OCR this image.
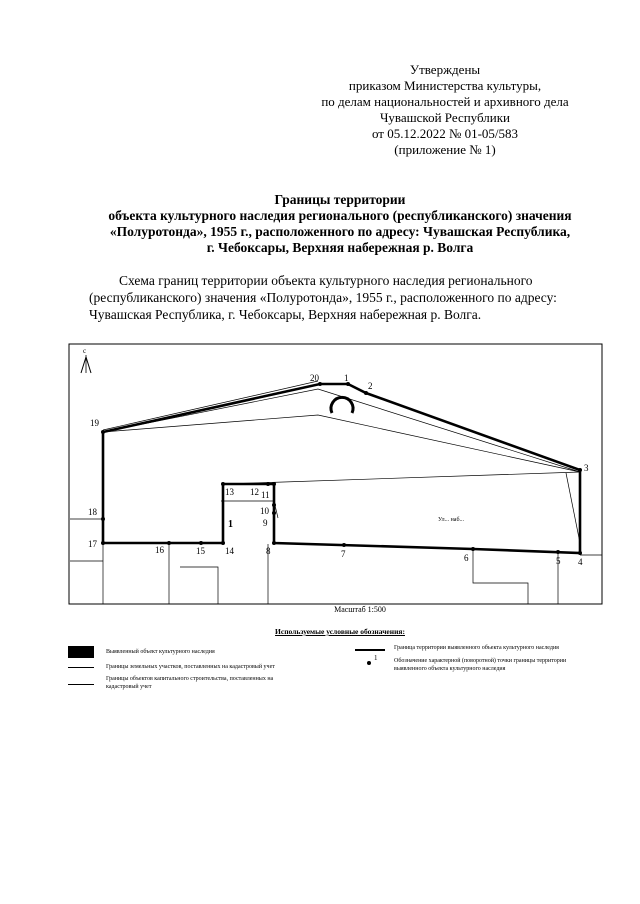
Утверждены
приказом Министерства культуры,
по делам национальностей и архивного дела
Чувашской Республики
от 05.12.2022 № 01-05/583
(приложение № 1)
Границы территории
объекта культурного наследия регионального (республиканского) значения
«Полуротонда», 1955 г., расположенного по адресу: Чувашская Республика,
г. Чебоксары, Верхняя набережная р. Волга
Схема границ территории объекта культурного наследия регионального
(республиканского) значения «Полуротонда», 1955 г., расположенного по адресу:
Чувашская Республика, г. Чебоксары, Верхняя набережная р. Волга.
с
1
2
3
4
5
6
7
8
9
10
11
12
13
14
15
16
17
18
19
20
1	Ул... наб...
Масштаб 1:500
Используемые условные обозначения:
Выявленный объект культурного наследия
Граница территории выявленного объекта культурного наследия
Границы земельных участков, поставленных на кадастровый учет
1	Обозначение характерной (поворотной) точки границы территории
выявленного объекта культурного наследия
Границы объектов капитального строительства, поставленных на
кадастровый учет
